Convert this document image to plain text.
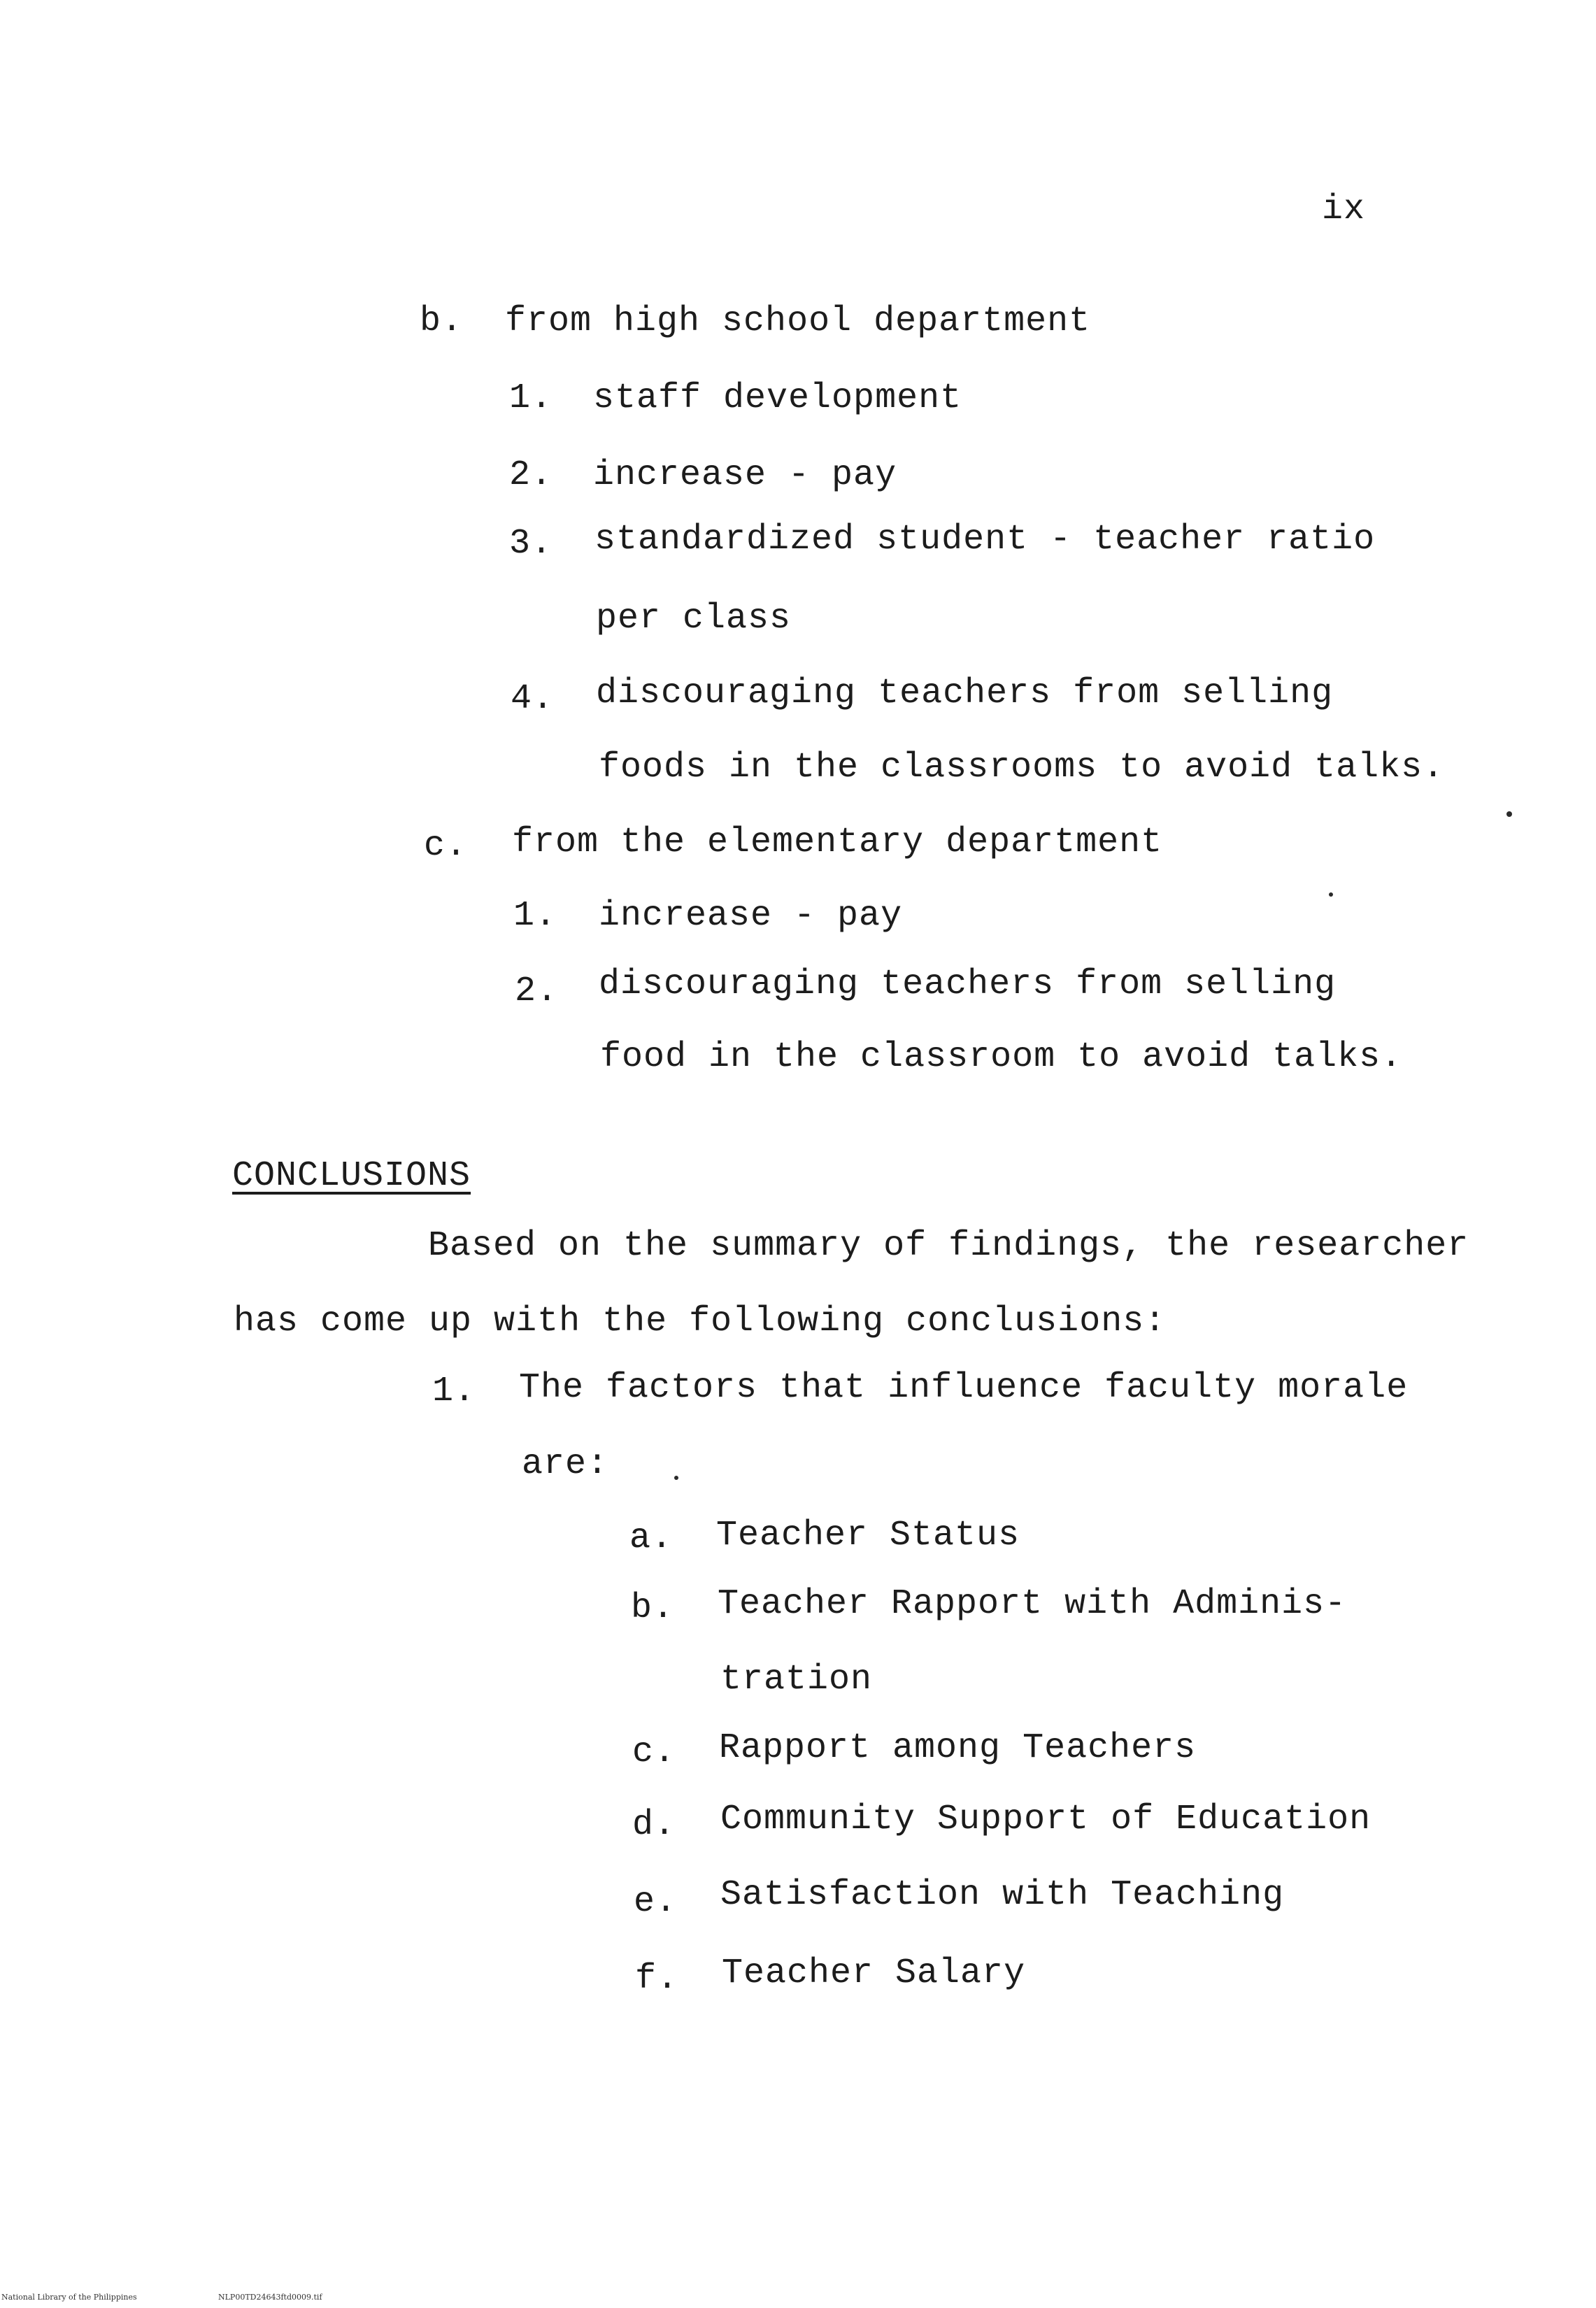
ix
b. from high school department
1. staff development
2. increase - pay
3. standardized student - teacher ratio
per class
4. discouraging teachers from selling
foods in the classrooms to avoid talks.
c. from the elementary department
1. increase - pay
2. discouraging teachers from selling
food in the classroom to avoid talks.
CONCLUSIONS
Based on the summary of findings, the researcher
has come up with the following conclusions:
1. The factors that influence faculty morale
are:
a. Teacher Status
b. Teacher Rapport with Adminis-
tration
c. Rapport among Teachers
d. Community Support of Education
e. Satisfaction with Teaching
f. Teacher Salary
National Library of the Philippines	NLP00TD24643ftd0009.tif
